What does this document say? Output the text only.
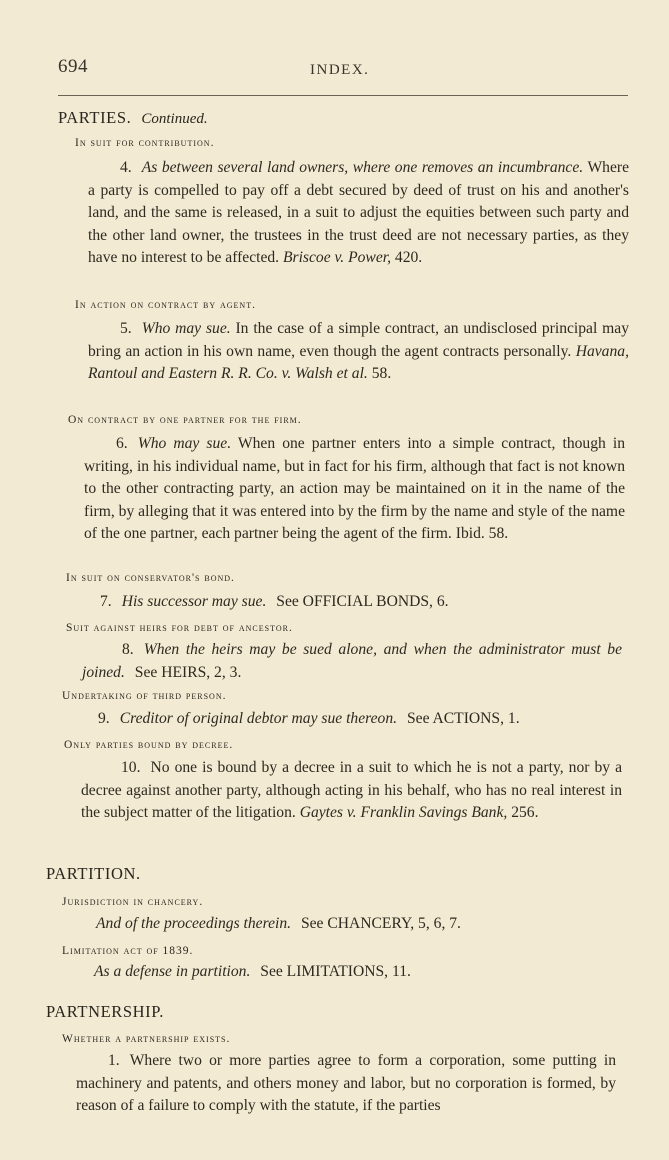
694	INDEX.

PARTIES. Continued.

In suit for contribution.

4. As between several land owners, where one removes an incumbrance. Where a party is compelled to pay off a debt secured by deed of trust on his and another's land, and the same is released, in a suit to adjust the equities between such party and the other land owner, the trustees in the trust deed are not necessary parties, as they have no interest to be affected. Briscoe v. Power, 420.

In action on contract by agent.

5. Who may sue. In the case of a simple contract, an undisclosed principal may bring an action in his own name, even though the agent contracts personally. Havana, Rantoul and Eastern R. R. Co. v. Walsh et al. 58.

On contract by one partner for the firm.

6. Who may sue. When one partner enters into a simple contract, though in writing, in his individual name, but in fact for his firm, although that fact is not known to the other contracting party, an action may be maintained on it in the name of the firm, by alleging that it was entered into by the firm by the name and style of the name of the one partner, each partner being the agent of the firm. Ibid. 58.

In suit on conservator's bond.

7. His successor may sue. See OFFICIAL BONDS, 6.

Suit against heirs for debt of ancestor.

8. When the heirs may be sued alone, and when the administrator must be joined. See HEIRS, 2, 3.

Undertaking of third person.

9. Creditor of original debtor may sue thereon. See ACTIONS, 1.

Only parties bound by decree.

10. No one is bound by a decree in a suit to which he is not a party, nor by a decree against another party, although acting in his behalf, who has no real interest in the subject matter of the litigation. Gaytes v. Franklin Savings Bank, 256.

PARTITION.

Jurisdiction in chancery.

And of the proceedings therein. See CHANCERY, 5, 6, 7.

Limitation act of 1839.

As a defense in partition. See LIMITATIONS, 11.

PARTNERSHIP.

Whether a partnership exists.

1. Where two or more parties agree to form a corporation, some putting in machinery and patents, and others money and labor, but no corporation is formed, by reason of a failure to comply with the statute, if the parties
